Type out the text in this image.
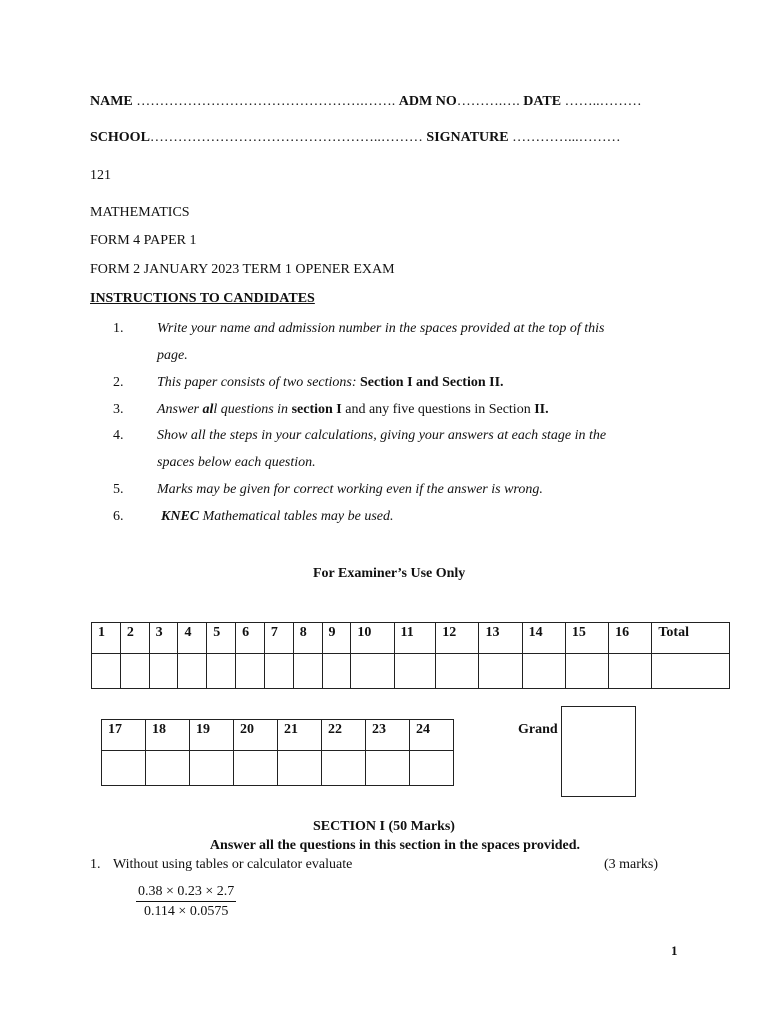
NAME ………………………………………….……. ADM NO……….…. DATE ……..………
SCHOOL…………………………………………..……… SIGNATURE …………...………
121
MATHEMATICS
FORM 4 PAPER 1
FORM 2 JANUARY 2023 TERM 1 OPENER EXAM
INSTRUCTIONS TO CANDIDATES
1. Write your name and admission number in the spaces provided at the top of this
page.
2. This paper consists of two sections: Section I and Section II.
3. Answer all questions in section I and any five questions in Section II.
4. Show all the steps in your calculations, giving your answers at each stage in the
spaces below each question.
5. Marks may be given for correct working even if the answer is wrong.
6.	KNEC Mathematical tables may be used.
For Examiner’s Use Only
1	2	3	4	5	6	7	8	9	10	11	12	13	14	15	16	Total

17	18	19	20	21	22	23	24
								Grand
SECTION I (50 Marks)
Answer all the questions in this section in the spaces provided.
1. Without using tables or calculator evaluate	(3 marks)
$\frac{0.38 \times 0.23 \times 2.7}{0.114 \times 0.0575}$
1
